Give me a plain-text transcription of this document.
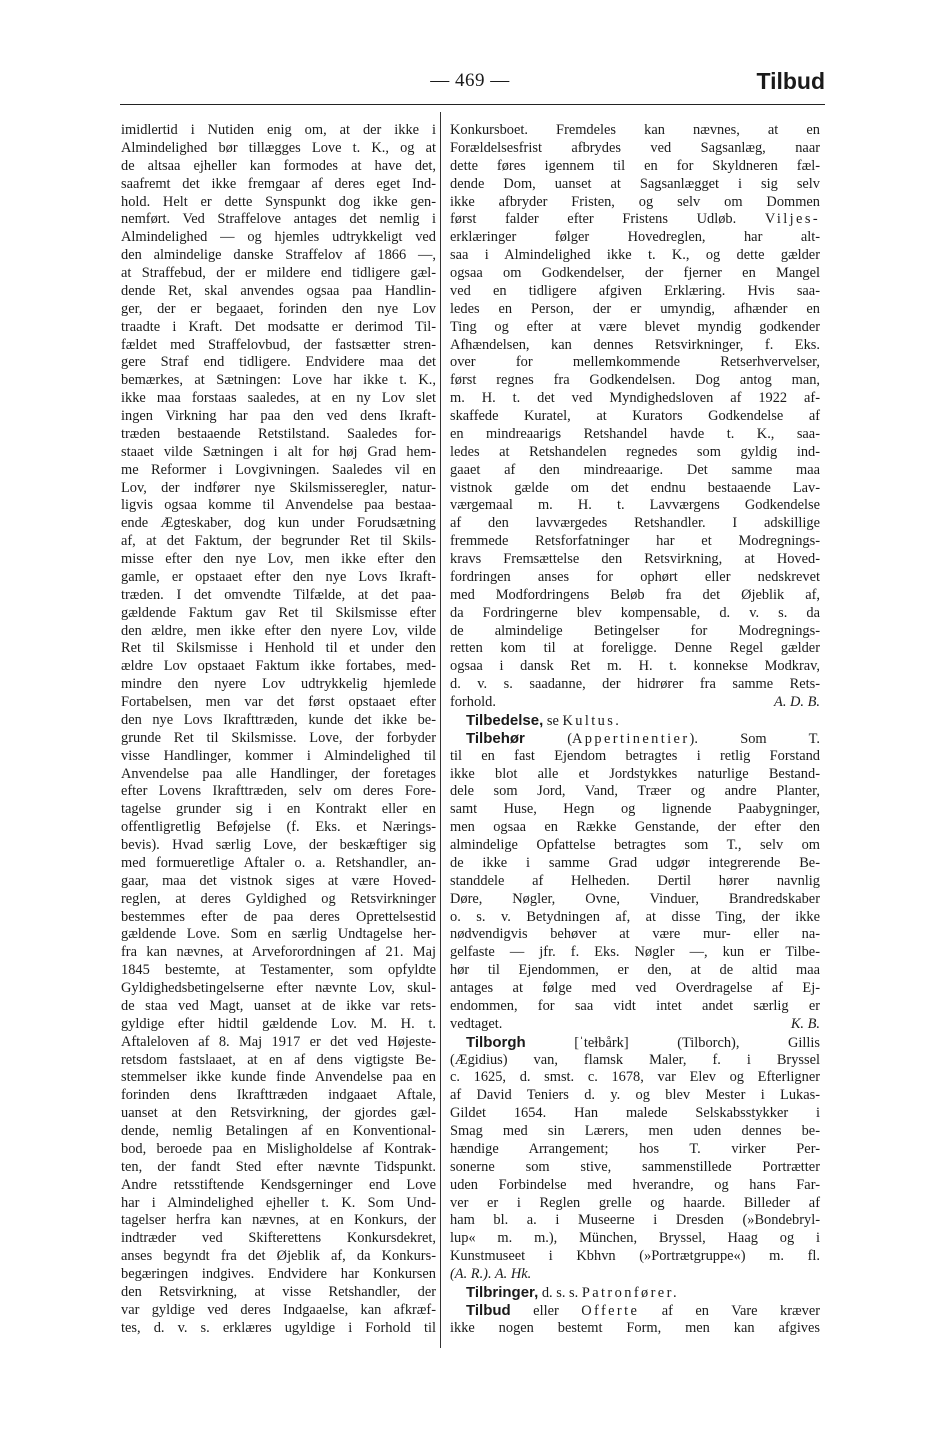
— 469 —	Tilbud
imidlertid i Nutiden enig om, at der ikke i
Almindelighed bør tillægges Love t. K., og at
de altsaa ejheller kan formodes at have det,
saafremt det ikke fremgaar af deres eget Ind-
hold. Helt er dette Synspunkt dog ikke gen-
nemført. Ved Straffelove antages det nemlig i
Almindelighed — og hjemles udtrykkeligt ved
den almindelige danske Straffelov af 1866 —,
at Straffebud, der er mildere end tidligere gæl-
dende Ret, skal anvendes ogsaa paa Handlin-
ger, der er begaaet, forinden den nye Lov
traadte i Kraft. Det modsatte er derimod Til-
fældet med Straffelovbud, der fastsætter stren-
gere Straf end tidligere. Endvidere maa det
bemærkes, at Sætningen: Love har ikke t. K.,
ikke maa forstaas saaledes, at en ny Lov slet
ingen Virkning har paa den ved dens Ikraft-
træden bestaaende Retstilstand. Saaledes for-
staaet vilde Sætningen i alt for høj Grad hem-
me Reformer i Lovgivningen. Saaledes vil en
Lov, der indfører nye Skilsmisseregler, natur-
ligvis ogsaa komme til Anvendelse paa bestaa-
ende Ægteskaber, dog kun under Forudsætning
af, at det Faktum, der begrunder Ret til Skils-
misse efter den nye Lov, men ikke efter den
gamle, er opstaaet efter den nye Lovs Ikraft-
træden. I det omvendte Tilfælde, at det paa-
gældende Faktum gav Ret til Skilsmisse efter
den ældre, men ikke efter den nyere Lov, vilde
Ret til Skilsmisse i Henhold til et under den
ældre Lov opstaaet Faktum ikke fortabes, med-
mindre den nyere Lov udtrykkelig hjemlede
Fortabelsen, men var det først opstaaet efter
den nye Lovs Ikrafttræden, kunde det ikke be-
grunde Ret til Skilsmisse. Love, der forbyder
visse Handlinger, kommer i Almindelighed til
Anvendelse paa alle Handlinger, der foretages
efter Lovens Ikrafttræden, selv om deres Fore-
tagelse grunder sig i en Kontrakt eller en
offentligretlig Beføjelse (f. Eks. et Nærings-
bevis). Hvad særlig Love, der beskæftiger sig
med formueretlige Aftaler o. a. Retshandler, an-
gaar, maa det vistnok siges at være Hoved-
reglen, at deres Gyldighed og Retsvirkninger
bestemmes efter de paa deres Oprettelsestid
gældende Love. Som en særlig Undtagelse her-
fra kan nævnes, at Arveforordningen af 21. Maj
1845 bestemte, at Testamenter, som opfyldte
Gyldighedsbetingelserne efter nævnte Lov, skul-
de staa ved Magt, uanset at de ikke var rets-
gyldige efter hidtil gældende Lov. M. H. t.
Aftaleloven af 8. Maj 1917 er det ved Højeste-
retsdom fastslaaet, at en af dens vigtigste Be-
stemmelser ikke kunde finde Anvendelse paa en
forinden dens Ikrafttræden indgaaet Aftale,
uanset at den Retsvirkning, der gjordes gæl-
dende, nemlig Betalingen af en Konventional-
bod, beroede paa en Misligholdelse af Kontrak-
ten, der fandt Sted efter nævnte Tidspunkt.
Andre retsstiftende Kendsgerninger end Love
har i Almindelighed ejheller t. K. Som Und-
tagelser herfra kan nævnes, at en Konkurs, der
indtræder ved Skifterettens Konkursdekret,
anses begyndt fra det Øjeblik af, da Konkurs-
begæringen indgives. Endvidere har Konkursen
den Retsvirkning, at visse Retshandler, der
var gyldige ved deres Indgaaelse, kan afkræf-
tes, d. v. s. erklæres ugyldige i Forhold til
Konkursboet. Fremdeles kan nævnes, at en
Forældelsesfrist afbrydes ved Sagsanlæg, naar
dette føres igennem til en for Skyldneren fæl-
dende Dom, uanset at Sagsanlægget i sig selv
ikke afbryder Fristen, og selv om Dommen
først falder efter Fristens Udløb. Viljes-
erklæringer følger Hovedreglen, har alt-
saa i Almindelighed ikke t. K., og dette gælder
ogsaa om Godkendelser, der fjerner en Mangel
ved en tidligere afgiven Erklæring. Hvis saa-
ledes en Person, der er umyndig, afhænder en
Ting og efter at være blevet myndig godkender
Afhændelsen, kan dennes Retsvirkninger, f. Eks.
over for mellemkommende Retserhvervelser,
først regnes fra Godkendelsen. Dog antog man,
m. H. t. det ved Myndighedsloven af 1922 af-
skaffede Kuratel, at Kurators Godkendelse af
en mindreaarigs Retshandel havde t. K., saa-
ledes at Retshandelen regnedes som gyldig ind-
gaaet af den mindreaarige. Det samme maa
vistnok gælde om det endnu bestaaende Lav-
værgemaal m. H. t. Lavværgens Godkendelse
af den lavværgedes Retshandler. I adskillige
fremmede Retsforfatninger har et Modregnings-
kravs Fremsættelse den Retsvirkning, at Hoved-
fordringen anses for ophørt eller nedskrevet
med Modfordringens Beløb fra det Øjeblik af,
da Fordringerne blev kompensable, d. v. s. da
de almindelige Betingelser for Modregnings-
retten kom til at foreligge. Denne Regel gælder
ogsaa i dansk Ret m. H. t. konnekse Modkrav,
d. v. s. saadanne, der hidrører fra samme Rets-
forhold.	A. D. B.
Tilbedelse, se Kultus.
Tilbehør (Appertinentier). Som T.
til en fast Ejendom betragtes i retlig Forstand
ikke blot alle et Jordstykkes naturlige Bestand-
dele som Jord, Vand, Træer og andre Planter,
samt Huse, Hegn og lignende Paabygninger,
men ogsaa en Række Genstande, der efter den
almindelige Opfattelse betragtes som T., selv om
de ikke i samme Grad udgør integrerende Be-
standdele af Helheden. Dertil hører navnlig
Døre, Nøgler, Ovne, Vinduer, Brandredskaber
o. s. v. Betydningen af, at disse Ting, der ikke
nødvendigvis behøver at være mur- eller na-
gelfaste — jfr. f. Eks. Nøgler —, kun er Tilbe-
hør til Ejendommen, er den, at de altid maa
antages at følge med ved Overdragelse af Ej-
endommen, for saa vidt intet andet særlig er
vedtaget.	K. B.
Tilborgh [ˈteɫbårk] (Tilborch), Gillis
(Ægidius) van, flamsk Maler, f. i Bryssel
c. 1625, d. smst. c. 1678, var Elev og Efterligner
af David Teniers d. y. og blev Mester i Lukas-
Gildet 1654. Han malede Selskabsstykker i
Smag med sin Lærers, men uden dennes be-
hændige Arrangement; hos T. virker Per-
sonerne som stive, sammenstillede Portrætter
uden Forbindelse med hverandre, og hans Far-
ver er i Reglen grelle og haarde. Billeder af
ham bl. a. i Museerne i Dresden (»Bondebryl-
lup« m. m.), München, Bryssel, Haag og i
Kunstmuseet i Kbhvn (»Portrætgruppe«) m. fl.
(A. R.). A. Hk.
Tilbringer, d. s. s. Patronfører.
Tilbud eller Offerte af en Vare kræver
ikke nogen bestemt Form, men kan afgives
